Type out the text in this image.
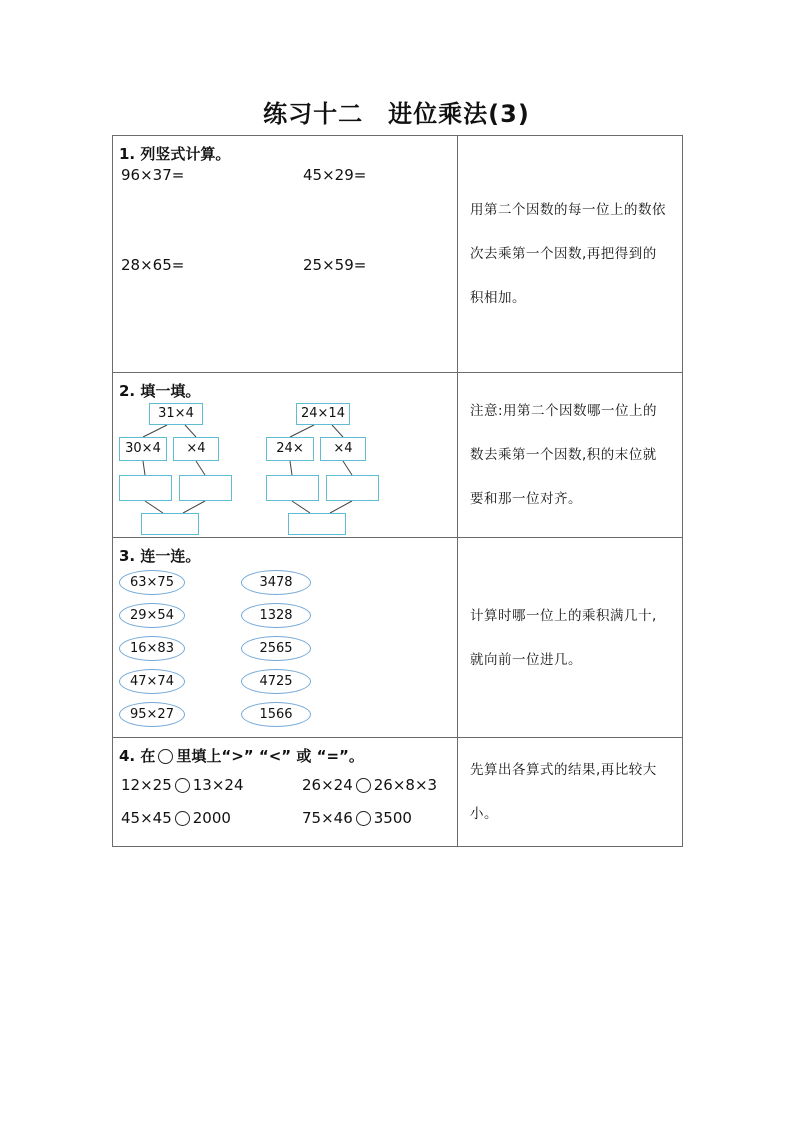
练习十二　进位乘法(3)
1. 列竖式计算。
96×37=	45×29=
28×65=	25×59=

用第二个因数的每一位上的数依次去乘第一个因数,再把得到的积相加。

2. 填一填。
31×4
30×4	×4
24×14
24×	×4

注意:用第二个因数哪一位上的数去乘第一个因数,积的末位就要和那一位对齐。

3. 连一连。
63×75
29×54
16×83
47×74
95×27
3478
1328
2565
4725
1566

计算时哪一位上的乘积满几十,就向前一位进几。

4. 在 里填上“>” “<” 或 “=”。
12×25 13×24	26×24 26×8×3
45×45 2000	75×46 3500

先算出各算式的结果,再比较大小。
